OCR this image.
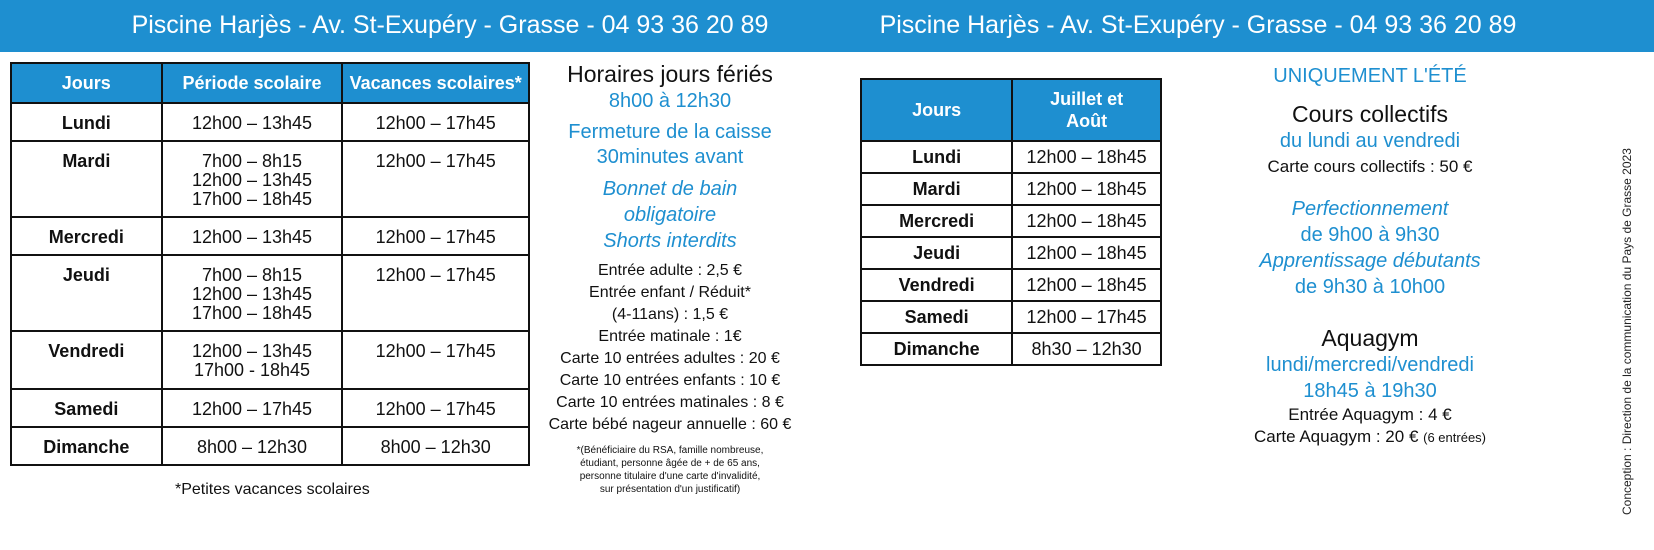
Piscine Harjès - Av. St-Exupéry - Grasse - 04 93 36 20 89	Piscine Harjès - Av. St-Exupéry - Grasse - 04 93 36 20 89
Jours	Période scolaire	Vacances scolaires*

Lundi	12h00 – 13h45	12h00 – 17h45

Mardi	7h00 – 8h15
12h00 – 13h45
17h00 – 18h45	12h00 – 17h45

Mercredi	12h00 – 13h45	12h00 – 17h45

Jeudi	7h00 – 8h15
12h00 – 13h45
17h00 – 18h45	12h00 – 17h45

Vendredi	12h00 – 13h45
17h00 - 18h45	12h00 – 17h45

Samedi	12h00 – 17h45	12h00 – 17h45

Dimanche	8h00 – 12h30	8h00 – 12h30
*Petites vacances scolaires
Horaires jours fériés
8h00 à 12h30
Fermeture de la caisse
30minutes avant
Bonnet de bain
obligatoire
Shorts interdits
Entrée adulte : 2,5 €
Entrée enfant / Réduit*
(4-11ans) : 1,5 €
Entrée matinale : 1€
Carte 10 entrées adultes : 20 €
Carte 10 entrées enfants : 10 €
Carte 10 entrées matinales : 8 €
Carte bébé nageur annuelle : 60 €
*(Bénéficiaire du RSA, famille nombreuse,
étudiant, personne âgée de + de 65 ans,
personne titulaire d'une carte d'invalidité,
sur présentation d'un justificatif)
Jours	Juillet et
Août
Lundi	12h00 – 18h45
Mardi	12h00 – 18h45
Mercredi	12h00 – 18h45
Jeudi	12h00 – 18h45
Vendredi	12h00 – 18h45
Samedi	12h00 – 17h45
Dimanche	8h30 – 12h30
UNIQUEMENT L'ÉTÉ
Cours collectifs
du lundi au vendredi
Carte cours collectifs : 50 €
Perfectionnement
de 9h00 à 9h30
Apprentissage débutants
de 9h30 à 10h00
Aquagym
lundi/mercredi/vendredi
18h45 à 19h30
Entrée Aquagym : 4 €
Carte Aquagym : 20 € (6 entrées)	Conception : Direction de la communication du Pays de Grasse 2023
